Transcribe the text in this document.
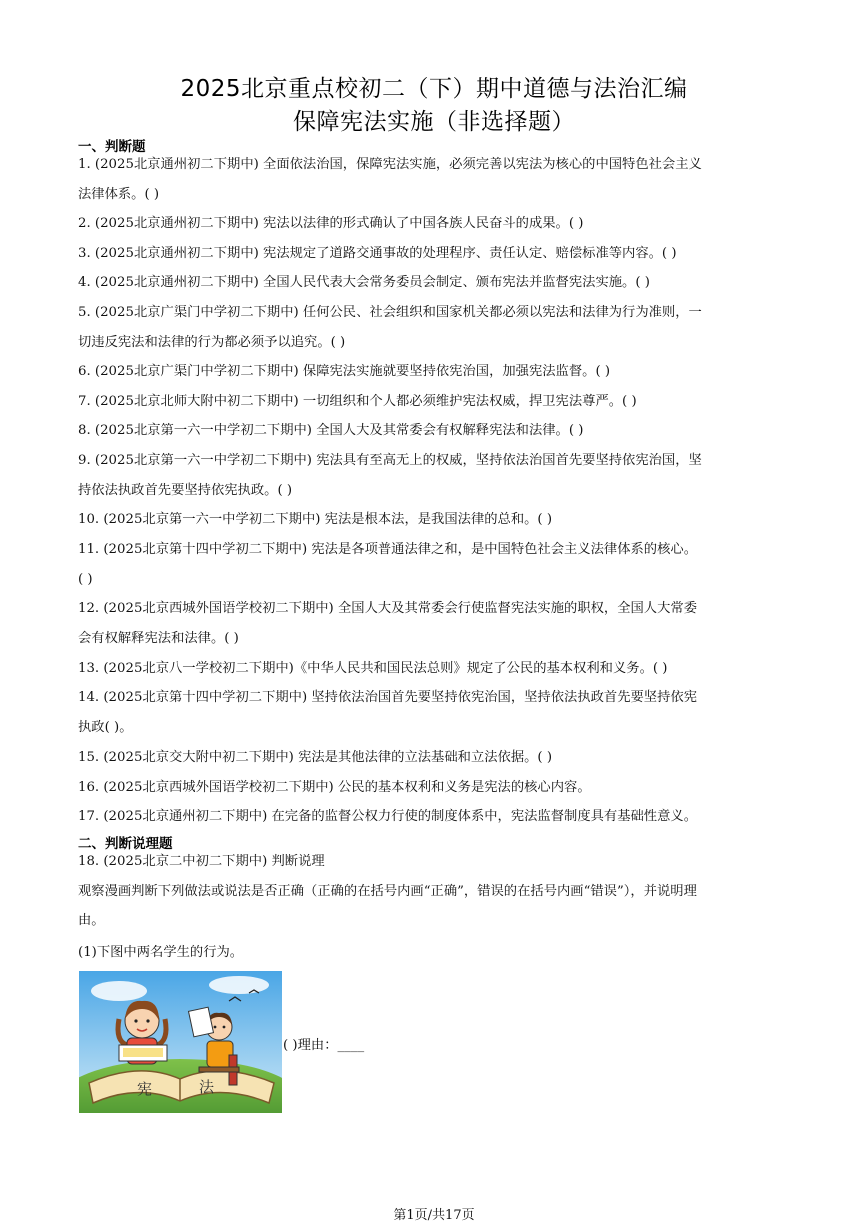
2025北京重点校初二（下）期中道德与法治汇编
保障宪法实施（非选择题）
一、判断题
1. (2025北京通州初二下期中) 全面依法治国，保障宪法实施，必须完善以宪法为核心的中国特色社会主义
法律体系。( )
2. (2025北京通州初二下期中) 宪法以法律的形式确认了中国各族人民奋斗的成果。( )
3. (2025北京通州初二下期中) 宪法规定了道路交通事故的处理程序、责任认定、赔偿标准等内容。( )
4. (2025北京通州初二下期中) 全国人民代表大会常务委员会制定、颁布宪法并监督宪法实施。( )
5. (2025北京广渠门中学初二下期中) 任何公民、社会组织和国家机关都必须以宪法和法律为行为准则，一
切违反宪法和法律的行为都必须予以追究。( )
6. (2025北京广渠门中学初二下期中) 保障宪法实施就要坚持依宪治国，加强宪法监督。( )
7. (2025北京北师大附中初二下期中) 一切组织和个人都必须维护宪法权威，捍卫宪法尊严。( )
8. (2025北京第一六一中学初二下期中) 全国人大及其常委会有权解释宪法和法律。( )
9. (2025北京第一六一中学初二下期中) 宪法具有至高无上的权威，坚持依法治国首先要坚持依宪治国，坚
持依法执政首先要坚持依宪执政。( )
10. (2025北京第一六一中学初二下期中) 宪法是根本法，是我国法律的总和。( )
11. (2025北京第十四中学初二下期中) 宪法是各项普通法律之和，是中国特色社会主义法律体系的核心。
( )
12. (2025北京西城外国语学校初二下期中) 全国人大及其常委会行使监督宪法实施的职权，全国人大常委
会有权解释宪法和法律。( )
13. (2025北京八一学校初二下期中)《中华人民共和国民法总则》规定了公民的基本权利和义务。( )
14. (2025北京第十四中学初二下期中) 坚持依法治国首先要坚持依宪治国，坚持依法执政首先要坚持依宪
执政( )。
15. (2025北京交大附中初二下期中) 宪法是其他法律的立法基础和立法依据。( )
16. (2025北京西城外国语学校初二下期中) 公民的基本权利和义务是宪法的核心内容。
17. (2025北京通州初二下期中) 在完备的监督公权力行使的制度体系中，宪法监督制度具有基础性意义。
二、判断说理题
18. (2025北京二中初二下期中) 判断说理
观察漫画判断下列做法或说法是否正确（正确的在括号内画“正确”，错误的在括号内画“错误”），并说明理
由。
(1)下图中两名学生的行为。
宪	法
( )理由：____
第1页/共17页
